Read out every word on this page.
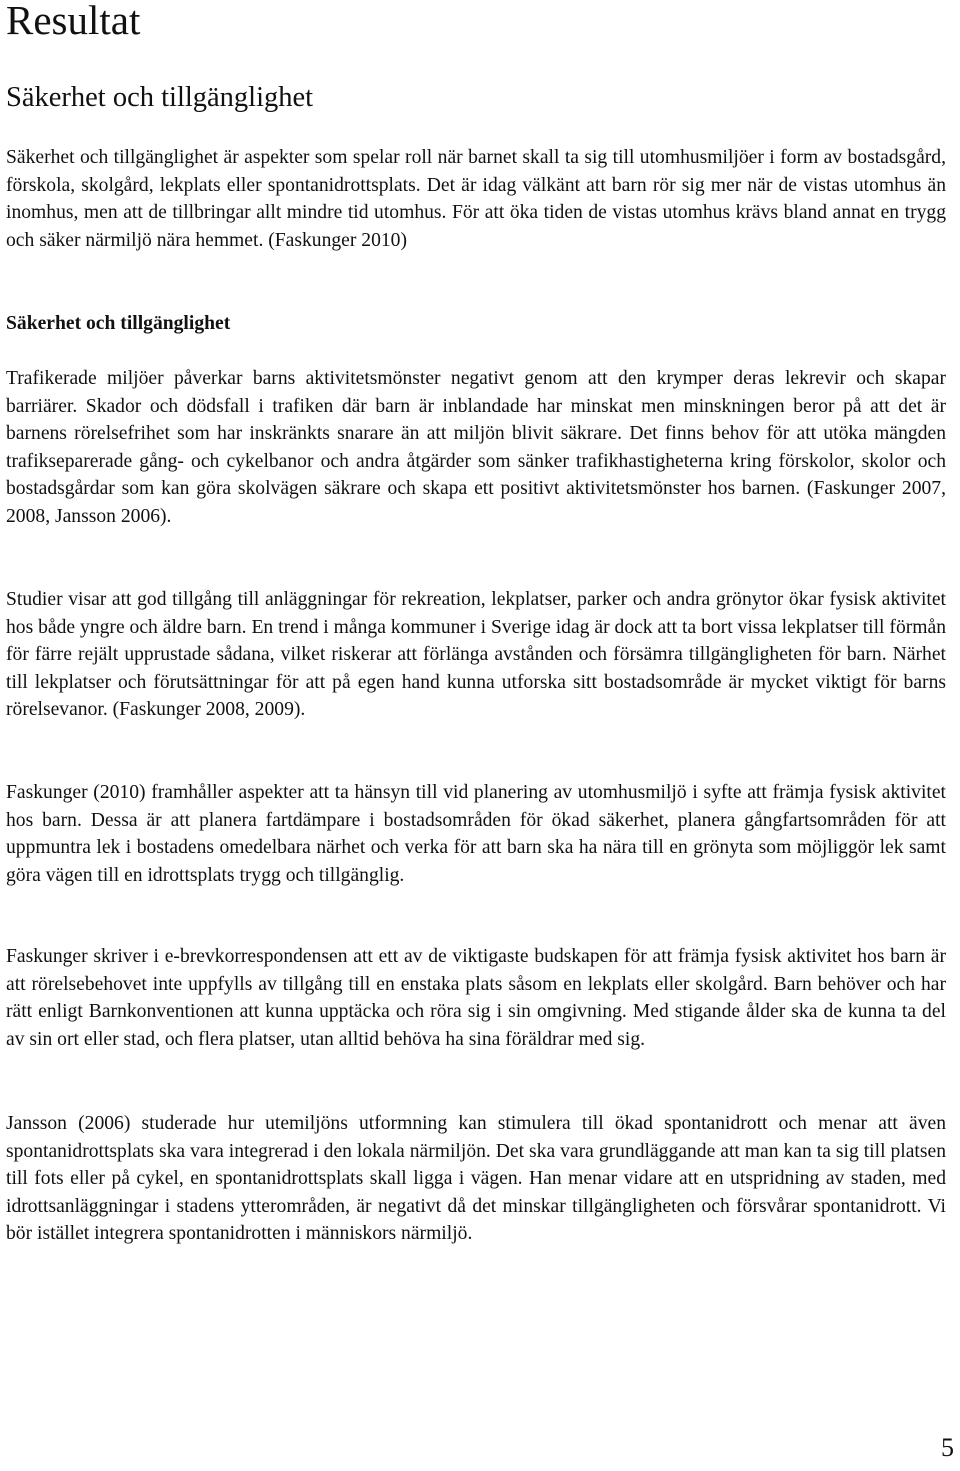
Resultat
Säkerhet och tillgänglighet

Säkerhet och tillgänglighet är aspekter som spelar roll när barnet skall ta sig till utomhusmiljöer i form av bostadsgård, förskola, skolgård, lekplats eller spontanidrottsplats. Det är idag välkänt att barn rör sig mer när de vistas utomhus än inomhus, men att de tillbringar allt mindre tid utomhus. För att öka tiden de vistas utomhus krävs bland annat en trygg och säker närmiljö nära hemmet. (Faskunger 2010)

Säkerhet och tillgänglighet

Trafikerade miljöer påverkar barns aktivitetsmönster negativt genom att den krymper deras lekrevir och skapar barriärer. Skador och dödsfall i trafiken där barn är inblandade har minskat men minskningen beror på att det är barnens rörelsefrihet som har inskränkts snarare än att miljön blivit säkrare. Det finns behov för att utöka mängden trafikseparerade gång- och cykelbanor och andra åtgärder som sänker trafikhastigheterna kring förskolor, skolor och bostadsgårdar som kan göra skolvägen säkrare och skapa ett positivt aktivitetsmönster hos barnen. (Faskunger 2007, 2008, Jansson 2006).

Studier visar att god tillgång till anläggningar för rekreation, lekplatser, parker och andra grönytor ökar fysisk aktivitet hos både yngre och äldre barn. En trend i många kommuner i Sverige idag är dock att ta bort vissa lekplatser till förmån för färre rejält upprustade sådana, vilket riskerar att förlänga avstånden och försämra tillgängligheten för barn. Närhet till lekplatser och förutsättningar för att på egen hand kunna utforska sitt bostadsområde är mycket viktigt för barns rörelsevanor. (Faskunger 2008, 2009).

Faskunger (2010) framhåller aspekter att ta hänsyn till vid planering av utomhusmiljö i syfte att främja fysisk aktivitet hos barn. Dessa är att planera fartdämpare i bostadsområden för ökad säkerhet, planera gångfartsområden för att uppmuntra lek i bostadens omedelbara närhet och verka för att barn ska ha nära till en grönyta som möjliggör lek samt göra vägen till en idrottsplats trygg och tillgänglig.

Faskunger skriver i e-brevkorrespondensen att ett av de viktigaste budskapen för att främja fysisk aktivitet hos barn är att rörelsebehovet inte uppfylls av tillgång till en enstaka plats såsom en lekplats eller skolgård. Barn behöver och har rätt enligt Barnkonventionen att kunna upptäcka och röra sig i sin omgivning. Med stigande ålder ska de kunna ta del av sin ort eller stad, och flera platser, utan alltid behöva ha sina föräldrar med sig.

Jansson (2006) studerade hur utemiljöns utformning kan stimulera till ökad spontanidrott och menar att även spontanidrottsplats ska vara integrerad i den lokala närmiljön. Det ska vara grundläggande att man kan ta sig till platsen till fots eller på cykel, en spontanidrottsplats skall ligga i vägen. Han menar vidare att en utspridning av staden, med idrottsanläggningar i stadens ytterområden, är negativt då det minskar tillgängligheten och försvårar spontanidrott. Vi bör istället integrera spontanidrotten i människors närmiljö.

5
